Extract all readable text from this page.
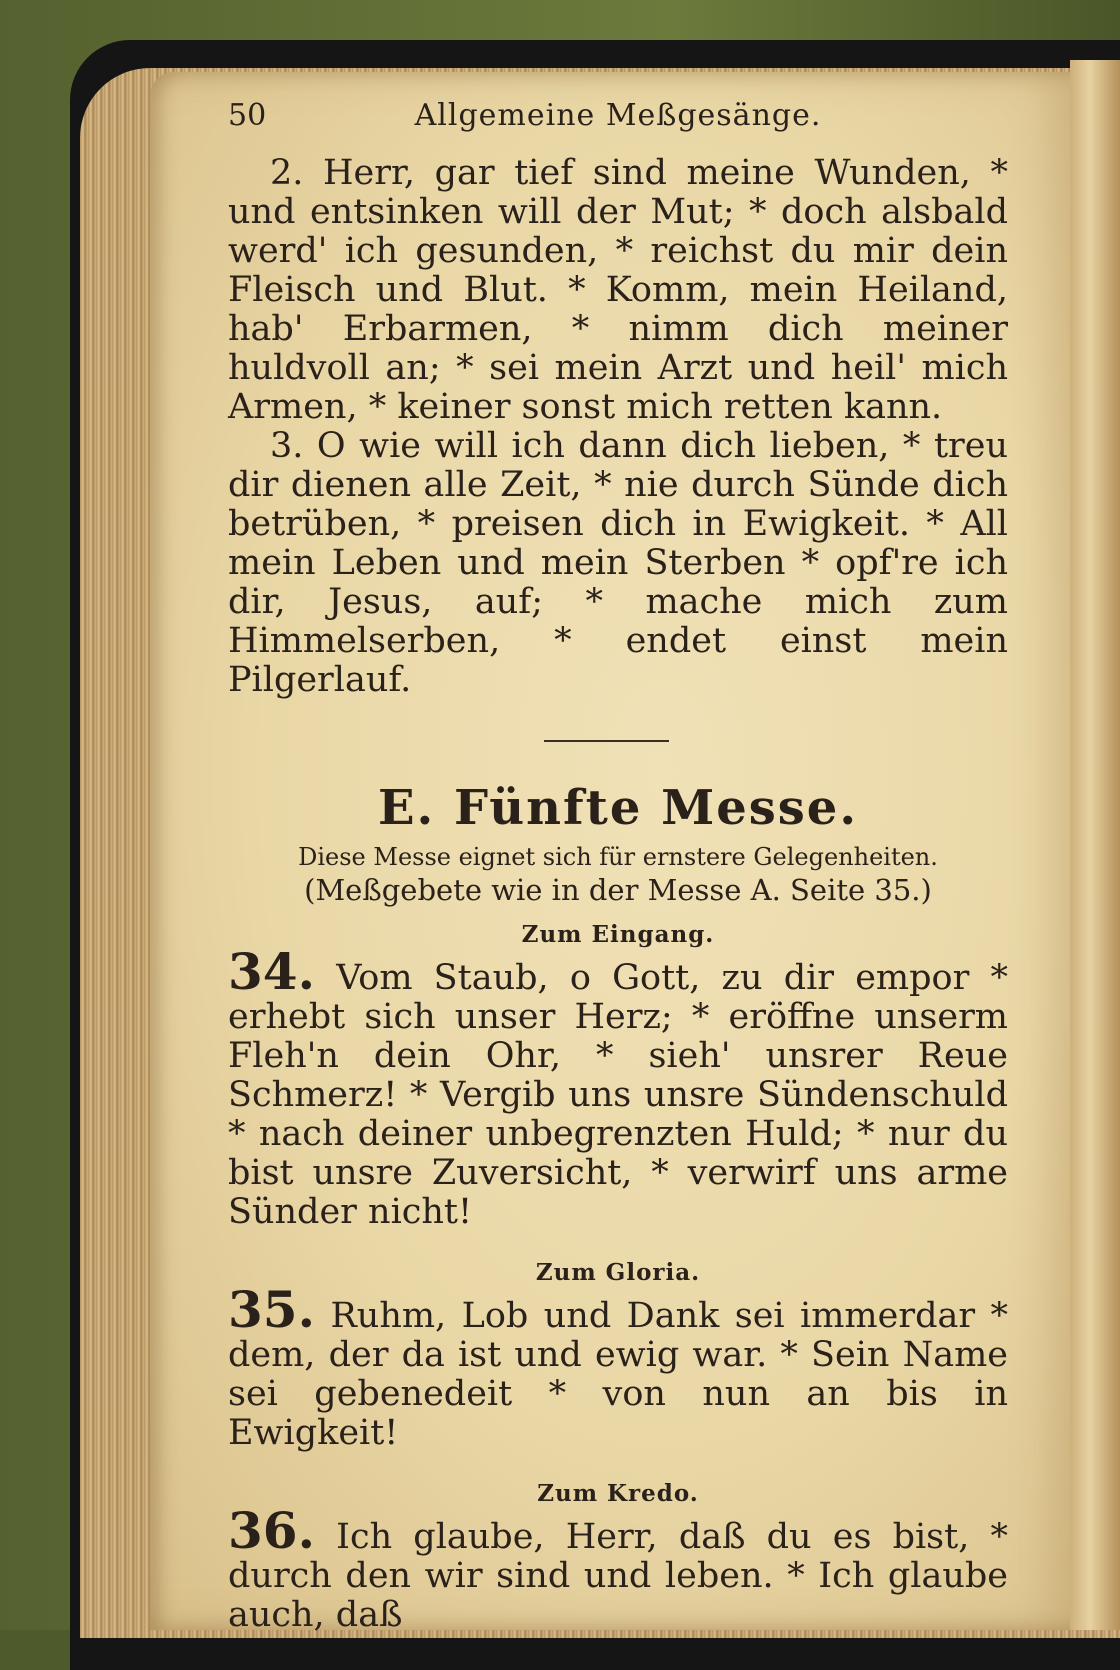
50	Allgemeine Meßgesänge.

2. Herr, gar tief sind meine Wunden, * und entsinken will der Mut; * doch alsbald werd' ich gesunden, * reichst du mir dein Fleisch und Blut. * Komm, mein Heiland, hab' Erbarmen, * nimm dich meiner huldvoll an; * sei mein Arzt und heil' mich Armen, * keiner sonst mich retten kann.

3. O wie will ich dann dich lieben, * treu dir dienen alle Zeit, * nie durch Sünde dich betrüben, * preisen dich in Ewigkeit. * All mein Leben und mein Sterben * opf're ich dir, Jesus, auf; * mache mich zum Himmelserben, * endet einst mein Pilgerlauf.

E. Fünfte Messe.
Diese Messe eignet sich für ernstere Gelegenheiten.
(Meßgebete wie in der Messe A. Seite 35.)
Zum Eingang.

34. Vom Staub, o Gott, zu dir empor * erhebt sich unser Herz; * eröffne unserm Fleh'n dein Ohr, * sieh' unsrer Reue Schmerz! * Vergib uns unsre Sündenschuld * nach deiner unbegrenzten Huld; * nur du bist unsre Zuversicht, * verwirf uns arme Sünder nicht!

Zum Gloria.

35. Ruhm, Lob und Dank sei immerdar * dem, der da ist und ewig war. * Sein Name sei gebenedeit * von nun an bis in Ewigkeit!

Zum Kredo.

36. Ich glaube, Herr, daß du es bist, * durch den wir sind und leben. * Ich glaube auch, daß
